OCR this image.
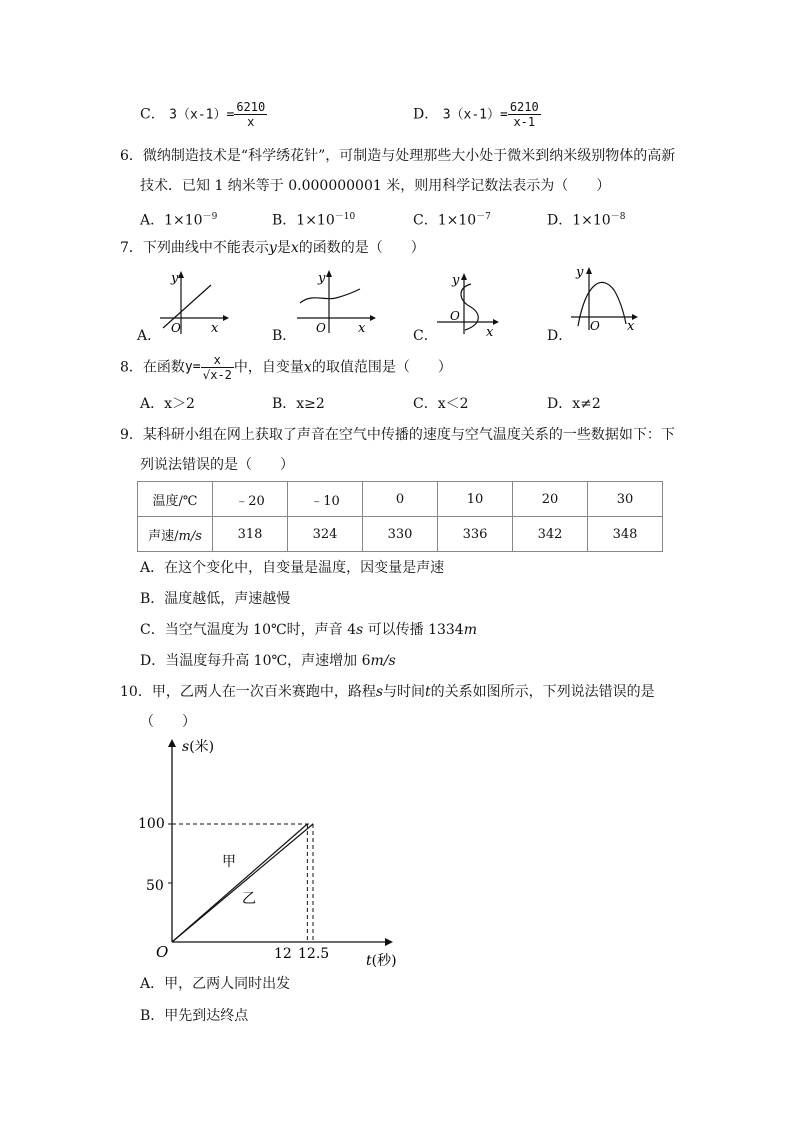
C． $3(x-1)= \frac{6210}{x}$	D． $3(x-1)= \frac{6210}{x-1}$
6．微纳制造技术是“科学绣花针”，可制造与处理那些大小处于微米到纳米级别物体的高新
技术．已知 1 纳米等于 0.000000001 米，则用科学记数法表示为（　　）
A．$1\times 10^{-9}$	B．$1\times 10^{-10}$	C．$1\times 10^{-7}$	D．$1\times 10^{-8}$
7．下列曲线中不能表示y是x的函数的是（　　）
A． O x
y
B． O x
y
C．
O
x
y
D．
O x
y
8．在函数$y= \frac{x}{√x-2}$ 中，自变量x的取值范围是（　　）
A．x＞2	B．x≥2	C．x＜2	D．x≠2
9．某科研小组在网上获取了声音在空气中传播的速度与空气温度关系的一些数据如下：下
列说法错误的是（　　）
温度/℃	﹣20	﹣10	0	10	20	30
声速/m/s	318	324	330	336	342	348
A．在这个变化中，自变量是温度，因变量是声速
B．温度越低，声速越慢
C．当空气温度为 10℃时，声音 4s 可以传播 1334m
D．当温度每升高 10℃，声速增加 6m/s
10．甲，乙两人在一次百米赛跑中，路程s与时间t的关系如图所示，下列说法错误的是
（　　）
100
50
12 12.5
O
甲
乙
s(米)
t(秒)
A．甲，乙两人同时出发
B．甲先到达终点
